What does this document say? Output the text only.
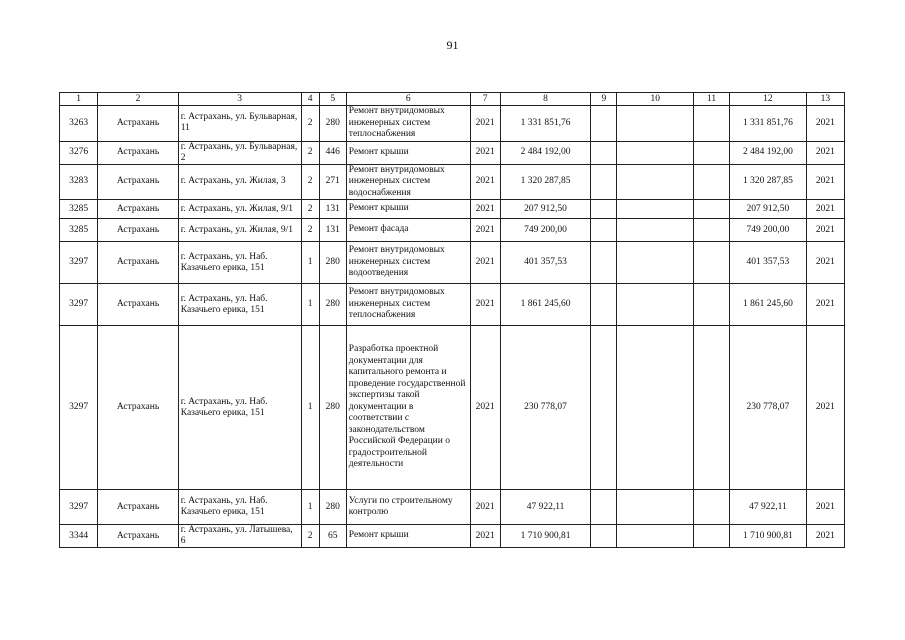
91
1	2	3	4	5	6	7	8	9	10	11	12	13
3263	Астрахань	г. Астрахань, ул. Бульварная, 11	2	280	Ремонт внутридомовых инженерных систем теплоснабжения	2021	1 331 851,76				1 331 851,76	2021
3276	Астрахань	г. Астрахань, ул. Бульварная, 2	2	446	Ремонт крыши	2021	2 484 192,00				2 484 192,00	2021
3283	Астрахань	г. Астрахань, ул. Жилая, 3	2	271	Ремонт внутридомовых инженерных систем водоснабжения	2021	1 320 287,85				1 320 287,85	2021
3285	Астрахань	г. Астрахань, ул. Жилая, 9/1	2	131	Ремонт крыши	2021	207 912,50				207 912,50	2021
3285	Астрахань	г. Астрахань, ул. Жилая, 9/1	2	131	Ремонт фасада	2021	749 200,00				749 200,00	2021
3297	Астрахань	г. Астрахань, ул. Наб. Казачьего ерика, 151	1	280	Ремонт внутридомовых инженерных систем водоотведения	2021	401 357,53				401 357,53	2021
3297	Астрахань	г. Астрахань, ул. Наб. Казачьего ерика, 151	1	280	Ремонт внутридомовых инженерных систем теплоснабжения	2021	1 861 245,60				1 861 245,60	2021
3297	Астрахань	г. Астрахань, ул. Наб. Казачьего ерика, 151	1	280	Разработка проектной документации для капитального ремонта и проведение государственной экспертизы такой документации в соответствии с законодательством Российской Федерации о градостроительной деятельности	2021	230 778,07				230 778,07	2021
3297	Астрахань	г. Астрахань, ул. Наб. Казачьего ерика, 151	1	280	Услуги по строительному контролю	2021	47 922,11				47 922,11	2021
3344	Астрахань	г. Астрахань, ул. Латышева, 6	2	65	Ремонт крыши	2021	1 710 900,81				1 710 900,81	2021
